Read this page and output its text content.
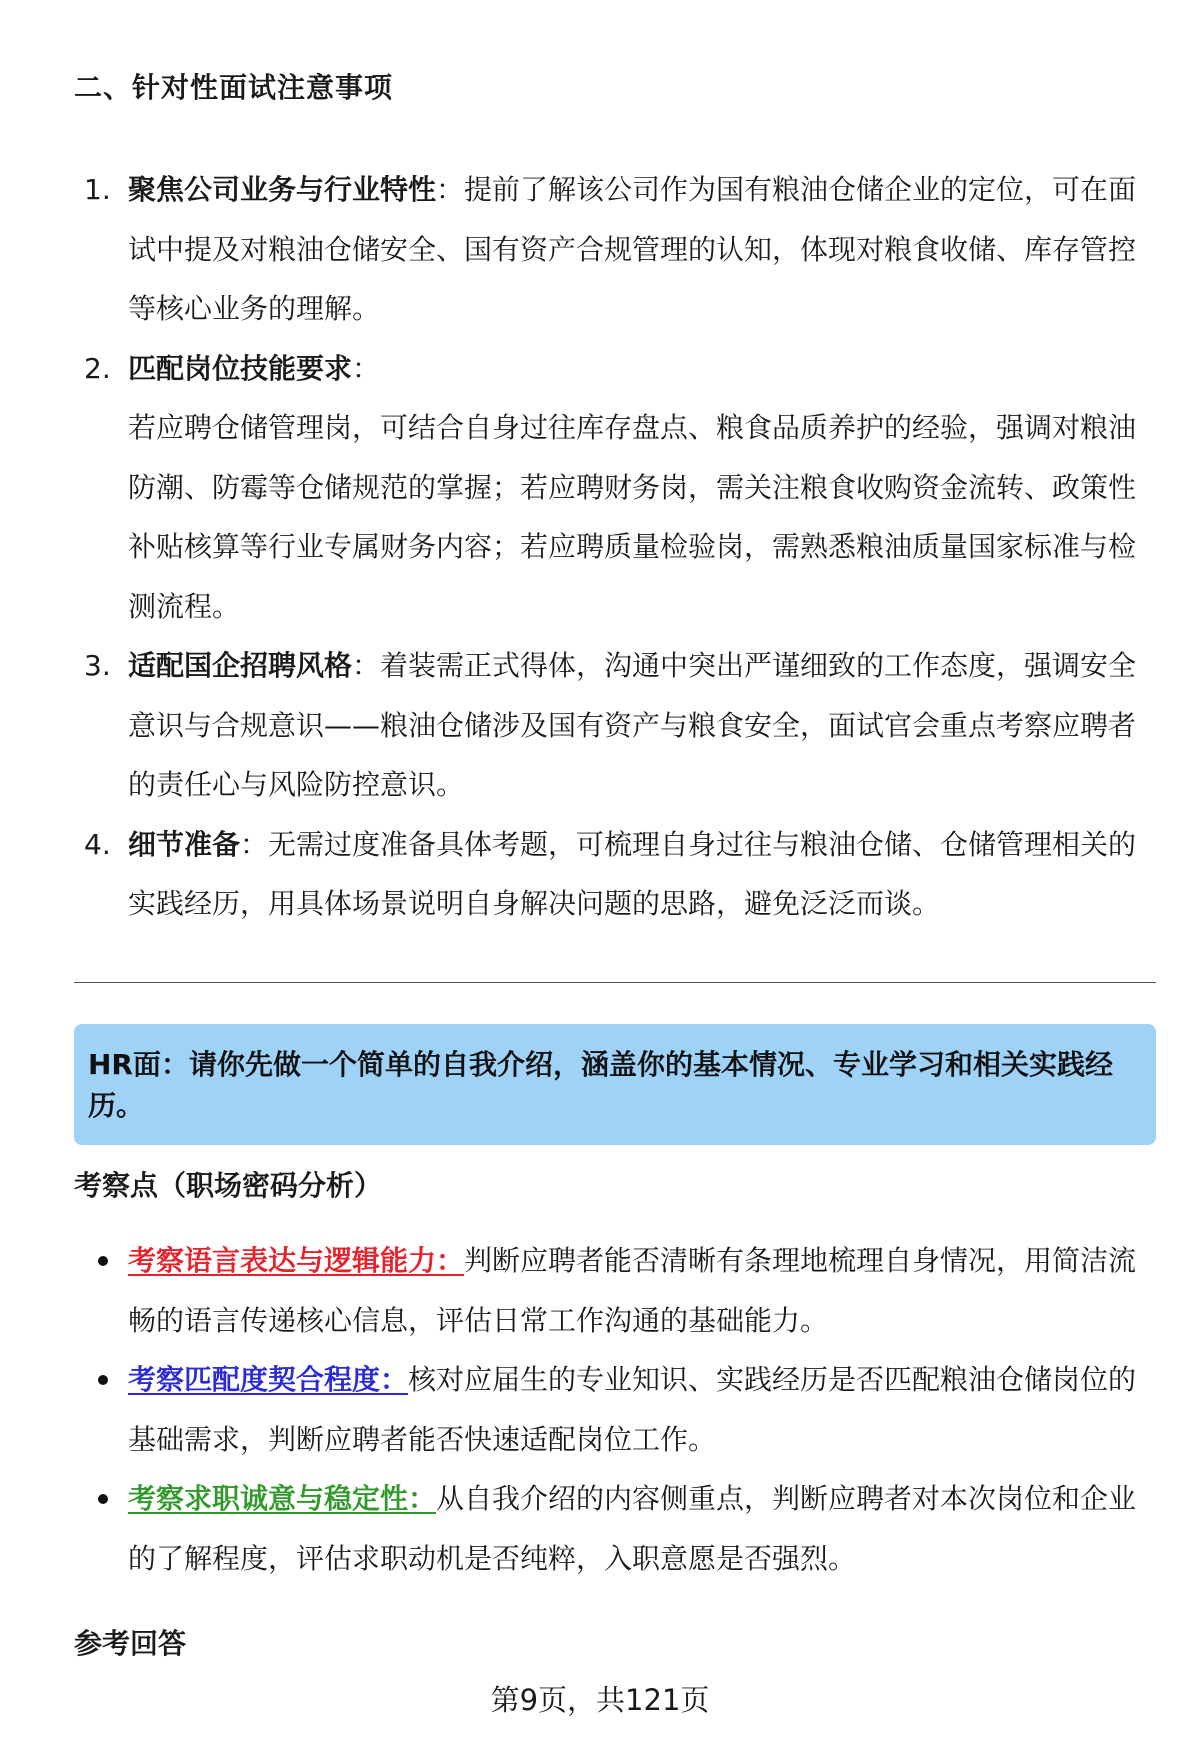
二、针对性面试注意事项
1. 聚焦公司业务与行业特性：提前了解该公司作为国有粮油仓储企业的定位，可在面试中提及对粮油仓储安全、国有资产合规管理的认知，体现对粮食收储、库存管控等核心业务的理解。
2. 匹配岗位技能要求：
若应聘仓储管理岗，可结合自身过往库存盘点、粮食品质养护的经验，强调对粮油防潮、防霉等仓储规范的掌握；若应聘财务岗，需关注粮食收购资金流转、政策性补贴核算等行业专属财务内容；若应聘质量检验岗，需熟悉粮油质量国家标准与检测流程。
3. 适配国企招聘风格：着装需正式得体，沟通中突出严谨细致的工作态度，强调安全意识与合规意识——粮油仓储涉及国有资产与粮食安全，面试官会重点考察应聘者的责任心与风险防控意识。
4. 细节准备：无需过度准备具体考题，可梳理自身过往与粮油仓储、仓储管理相关的实践经历，用具体场景说明自身解决问题的思路，避免泛泛而谈。
HR面：请你先做一个简单的自我介绍，涵盖你的基本情况、专业学习和相关实践经历。
考察点（职场密码分析）
考察语言表达与逻辑能力：判断应聘者能否清晰有条理地梳理自身情况，用简洁流畅的语言传递核心信息，评估日常工作沟通的基础能力。
考察匹配度契合程度：核对应届生的专业知识、实践经历是否匹配粮油仓储岗位的基础需求，判断应聘者能否快速适配岗位工作。
考察求职诚意与稳定性：从自我介绍的内容侧重点，判断应聘者对本次岗位和企业的了解程度，评估求职动机是否纯粹，入职意愿是否强烈。
参考回答
第9页，共121页
